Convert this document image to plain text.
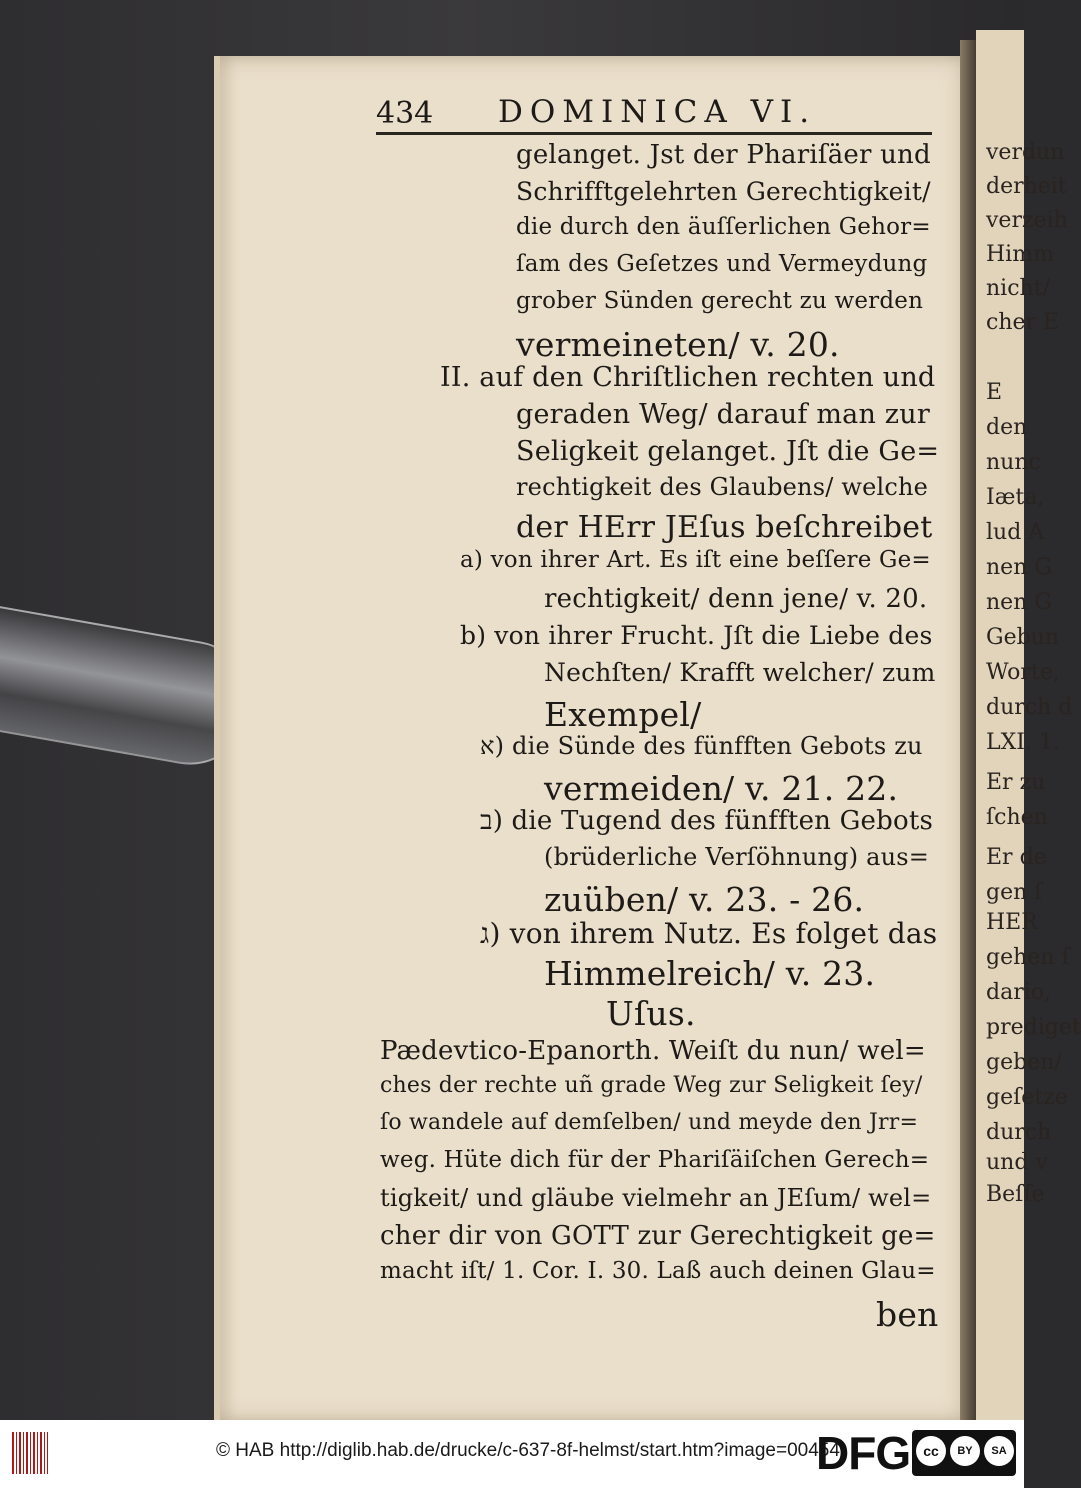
verdun
derheit
verzeih
Himm
nicht/
cher E
E
den
nunc
Iæta,
lud A
nen G
nen G
Gebun
Worte,
durch d
LXI. 1.
Er zu
ſchen
Er de
gen ſ
HER
gehen ſ
dario,
prediget
geben/
geſetze
durch
und v
Beſſe
434 DOMINICA VI.
gelanget. Jst der Phariſäer und
Schrifftgelehrten Gerechtigkeit/
die durch den äuſſerlichen Gehor=
ſam des Geſetzes und Vermeydung
grober Sünden gerecht zu werden
vermeineten/ v. 20.
II. auf den Chriſtlichen rechten und
geraden Weg/ darauf man zur
Seligkeit gelanget. Jſt die Ge=
rechtigkeit des Glaubens/ welche
der HErr JEſus beſchreibet
a) von ihrer Art. Es iſt eine beſſere Ge=
rechtigkeit/ denn jene/ v. 20.
b) von ihrer Frucht. Jſt die Liebe des
Nechſten/ Krafft welcher/ zum
Exempel/
א) die Sünde des fünfften Gebots zu
vermeiden/ v. 21. 22.
ב) die Tugend des fünfften Gebots
(brüderliche Verſöhnung) aus=
zuüben/ v. 23. - 26.
ג) von ihrem Nutz. Es folget das
Himmelreich/ v. 23.
Uſus.
Pædevtico-Epanorth. Weiſt du nun/ wel=
ches der rechte uñ grade Weg zur Seligkeit ſey/
ſo wandele auf demſelben/ und meyde den Jrr=
weg. Hüte dich für der Phariſäiſchen Gerech=
tigkeit/ und gläube vielmehr an JEſum/ wel=
cher dir von GOTT zur Gerechtigkeit ge=
macht iſt/ 1. Cor. I. 30. Laß auch deinen Glau=
ben
© HAB http://diglib.hab.de/drucke/c-637-8f-helmst/start.htm?image=00454
DFG cc	BY	SA
